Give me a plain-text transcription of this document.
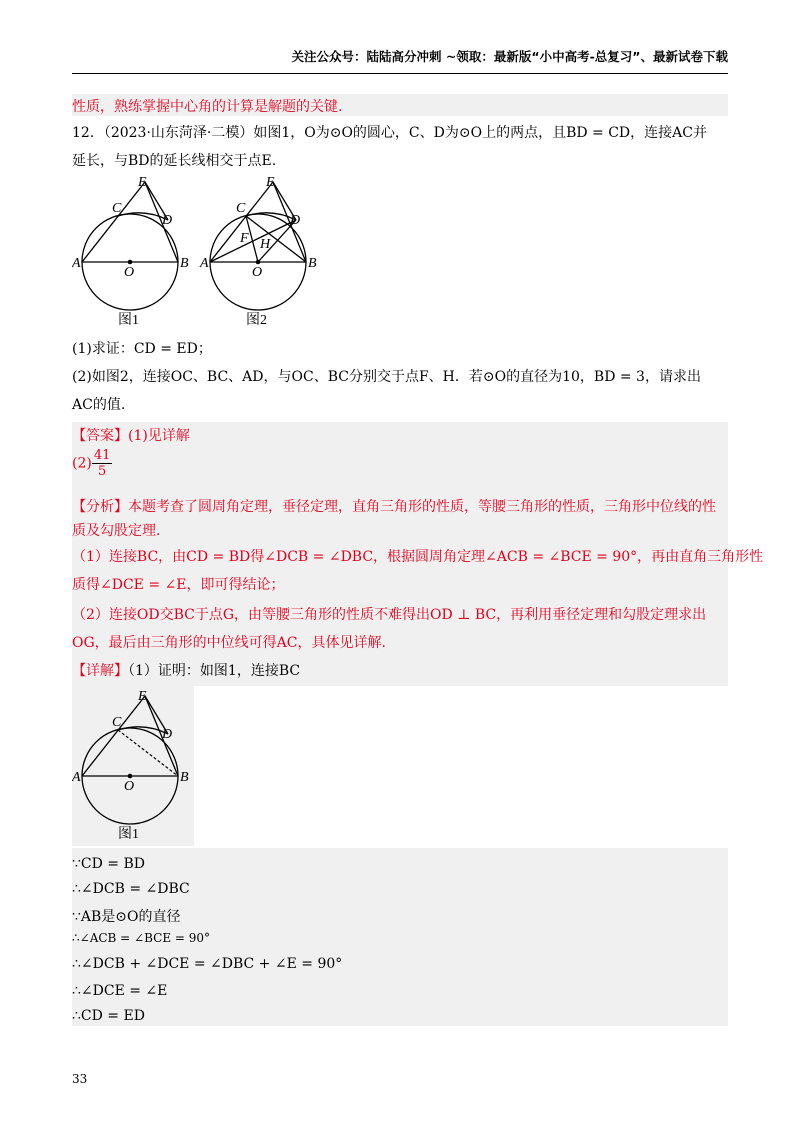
关注公众号：陆陆高分冲刺 ~领取：最新版“小中高考-总复习”、最新试卷下载
性质，熟练掌握中心角的计算是解题的关键.
12．（2023·山东菏泽·二模）如图1，O为⊙O的圆心，C、D为⊙O上的两点，且BD = CD，连接AC并
延长，与BD的延长线相交于点E.
E
C
D
A	B
O
图1
E
C
D
F H
A	B
O
图2
(1)求证：CD = ED；
(2)如图2，连接OC、BC、AD，与OC、BC分别交于点F、H．若⊙O的直径为10，BD = 3，请求出
AC的值.
【答案】(1)见详解
$(2) \frac{41}{5}$
【分析】本题考查了圆周角定理，垂径定理，直角三角形的性质，等腰三角形的性质，三角形中位线的性
质及勾股定理.
（1）连接BC，由CD = BD得∠DCB = ∠DBC，根据圆周角定理∠ACB = ∠BCE = 90°，再由直角三角形性
质得∠DCE = ∠E，即可得结论；
（2）连接OD交BC于点G，由等腰三角形的性质不难得出OD ⊥ BC，再利用垂径定理和勾股定理求出
OG，最后由三角形的中位线可得AC，具体见详解.
【详解】（1）证明：如图1，连接BC
E
C
D
A	B
O
图1
∵CD = BD
∴∠DCB = ∠DBC
∵AB是⊙O的直径
∴∠ACB = ∠BCE = 90°
∴∠DCB + ∠DCE = ∠DBC + ∠E = 90°
∴∠DCE = ∠E
∴CD = ED
33
